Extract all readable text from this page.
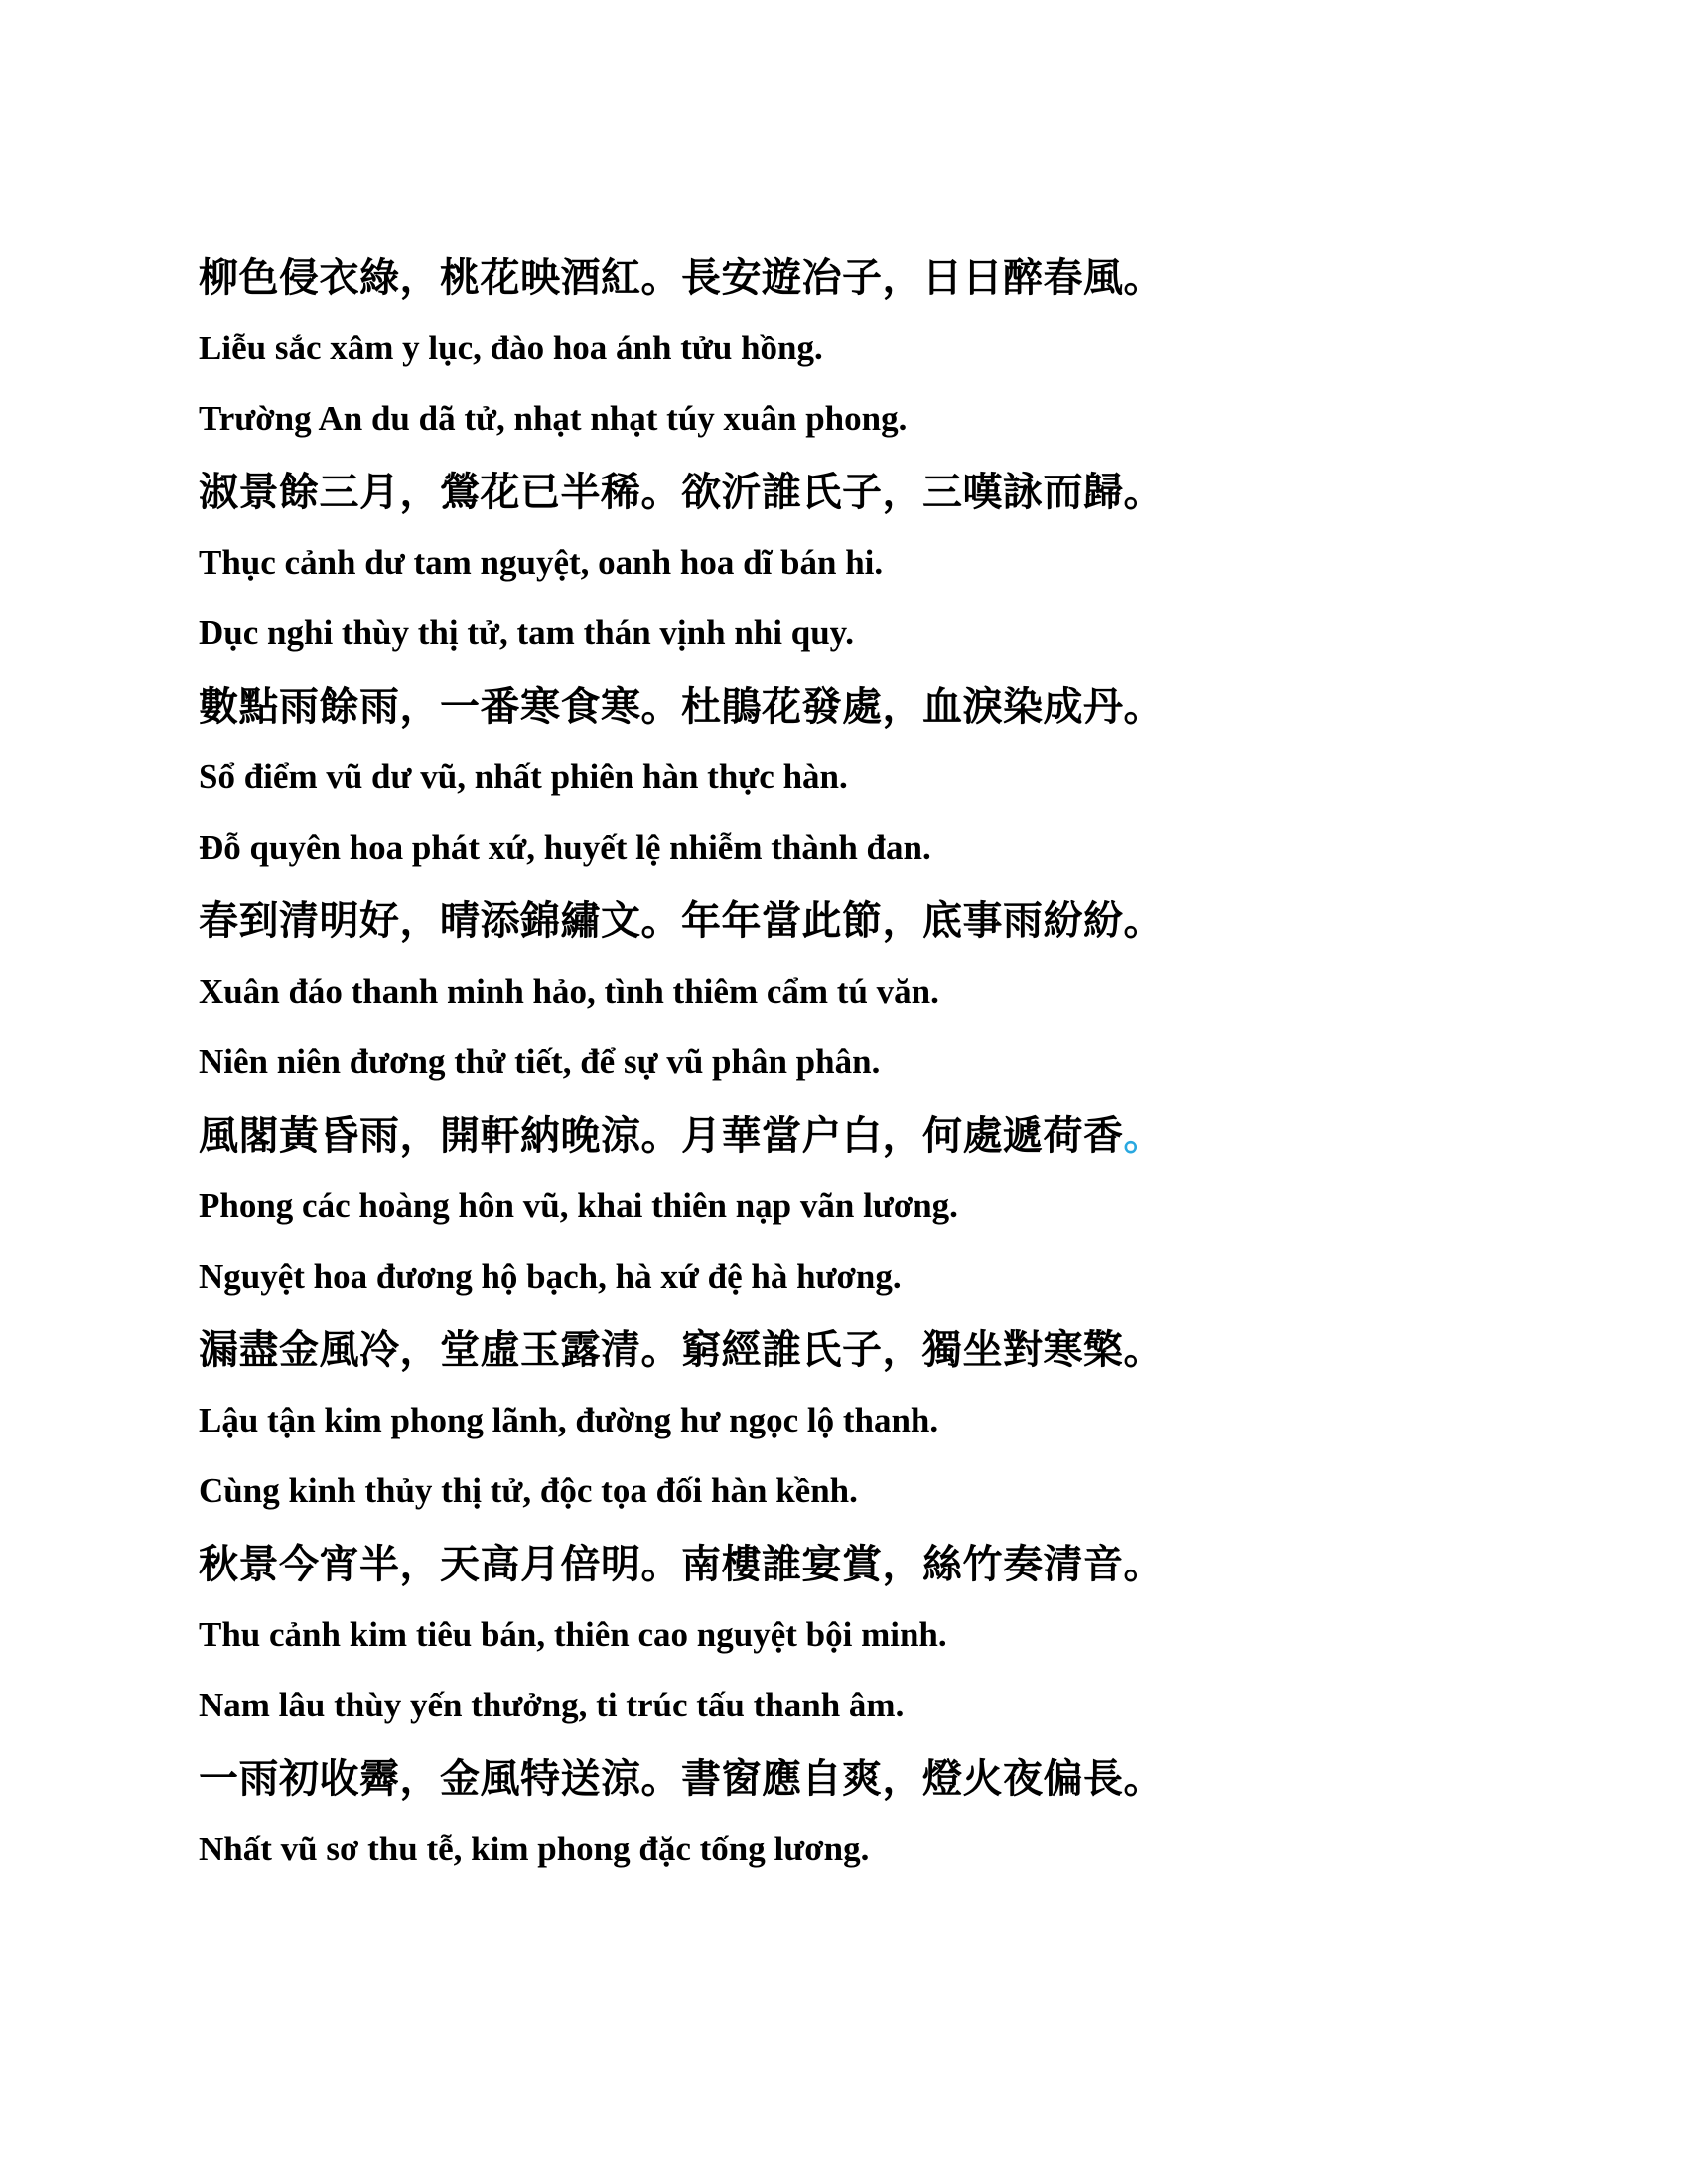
柳色侵衣綠，桃花映酒紅。長安遊冶子，日日醉春風。
Liễu sắc xâm y lục, đào hoa ánh tửu hồng.
Trường An du dã tử, nhạt nhạt túy xuân phong.
淑景餘三月，鶯花已半稀。欲沂誰氏子，三嘆詠而歸。
Thục cảnh dư tam nguyệt, oanh hoa dĩ bán hi.
Dục nghi thùy thị tử, tam thán vịnh nhi quy.
數點雨餘雨，一番寒食寒。杜鵑花發處，血淚染成丹。
Sổ điểm vũ dư vũ, nhất phiên hàn thực hàn.
Đỗ quyên hoa phát xứ, huyết lệ nhiễm thành đan.
春到清明好，晴添錦繡文。年年當此節，底事雨紛紛。
Xuân đáo thanh minh hảo, tình thiêm cẩm tú văn.
Niên niên đương thử tiết, để sự vũ phân phân.
風閣黃昏雨，開軒納晚涼。月華當户白，何處遞荷香。
Phong các hoàng hôn vũ, khai thiên nạp vãn lương.
Nguyệt hoa đương hộ bạch, hà xứ đệ hà hương.
漏盡金風冷，堂虛玉露清。窮經誰氏子，獨坐對寒檠。
Lậu tận kim phong lãnh, đường hư ngọc lộ thanh.
Cùng kinh thủy thị tử, độc tọa đối hàn kềnh.
秋景今宵半，天高月倍明。南樓誰宴賞，絲竹奏清音。
Thu cảnh kim tiêu bán, thiên cao nguyệt bội minh.
Nam lâu thùy yến thưởng, ti trúc tấu thanh âm.
一雨初收霽，金風特送涼。書窗應自爽，燈火夜偏長。
Nhất vũ sơ thu tễ, kim phong đặc tống lương.
